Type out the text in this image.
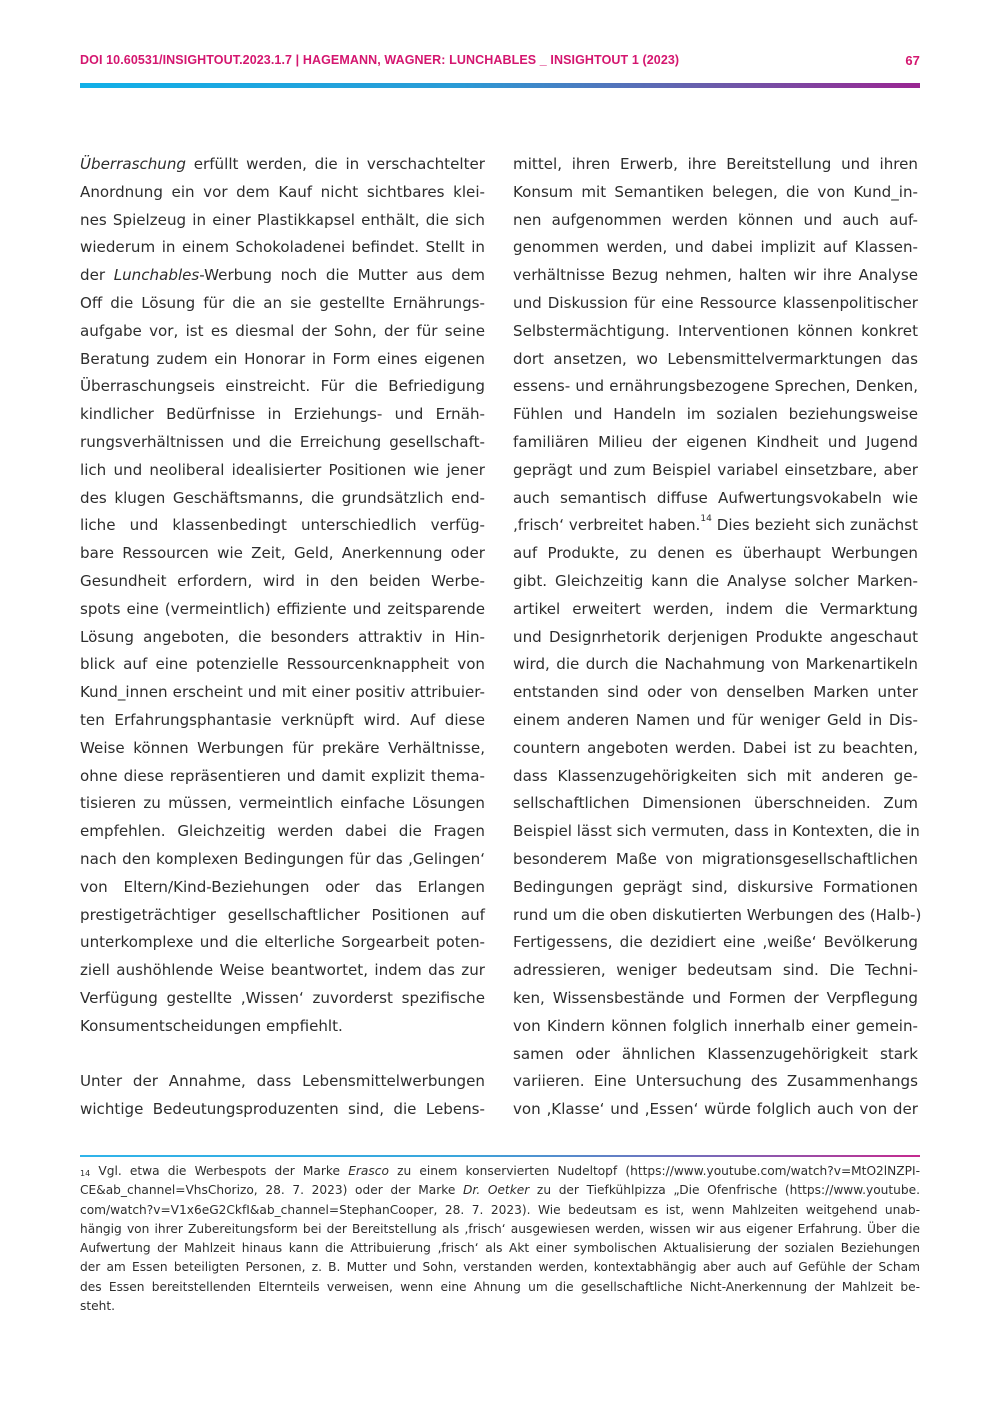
DOI 10.60531/INSIGHTOUT.2023.1.7 | HAGEMANN, WAGNER: LUNCHABLES _ INSIGHTOUT 1 (2023)	67
Überraschung erfüllt werden, die in verschachtelter
Anordnung ein vor dem Kauf nicht sichtbares klei-
nes Spielzeug in einer Plastikkapsel enthält, die sich
wiederum in einem Schokoladenei befindet. Stellt in
der Lunchables-Werbung noch die Mutter aus dem
Off die Lösung für die an sie gestellte Ernährungs-
aufgabe vor, ist es diesmal der Sohn, der für seine
Beratung zudem ein Honorar in Form eines eigenen
Überraschungseis einstreicht. Für die Befriedigung
kindlicher Bedürfnisse in Erziehungs- und Ernäh-
rungsverhältnissen und die Erreichung gesellschaft-
lich und neoliberal idealisierter Positionen wie jener
des klugen Geschäftsmanns, die grundsätzlich end-
liche und klassenbedingt unterschiedlich verfüg-
bare Ressourcen wie Zeit, Geld, Anerkennung oder
Gesundheit erfordern, wird in den beiden Werbe-
spots eine (vermeintlich) effiziente und zeitsparende
Lösung angeboten, die besonders attraktiv in Hin-
blick auf eine potenzielle Ressourcenknappheit von
Kund_innen erscheint und mit einer positiv attribuier-
ten Erfahrungsphantasie verknüpft wird. Auf diese
Weise können Werbungen für prekäre Verhältnisse,
ohne diese repräsentieren und damit explizit thema-
tisieren zu müssen, vermeintlich einfache Lösungen
empfehlen. Gleichzeitig werden dabei die Fragen
nach den komplexen Bedingungen für das ‚Gelingen‘
von Eltern/Kind-Beziehungen oder das Erlangen
prestigeträchtiger gesellschaftlicher Positionen auf
unterkomplexe und die elterliche Sorgearbeit poten-
ziell aushöhlende Weise beantwortet, indem das zur
Verfügung gestellte ‚Wissen‘ zuvorderst spezifische
Konsumentscheidungen empfiehlt.
Unter der Annahme, dass Lebensmittelwerbungen
wichtige Bedeutungsproduzenten sind, die Lebens-
mittel, ihren Erwerb, ihre Bereitstellung und ihren
Konsum mit Semantiken belegen, die von Kund_in-
nen aufgenommen werden können und auch auf-
genommen werden, und dabei implizit auf Klassen-
verhältnisse Bezug nehmen, halten wir ihre Analyse
und Diskussion für eine Ressource klassenpolitischer
Selbstermächtigung. Interventionen können konkret
dort ansetzen, wo Lebensmittelvermarktungen das
essens- und ernährungsbezogene Sprechen, Denken,
Fühlen und Handeln im sozialen beziehungsweise
familiären Milieu der eigenen Kindheit und Jugend
geprägt und zum Beispiel variabel einsetzbare, aber
auch semantisch diffuse Aufwertungsvokabeln wie
‚frisch‘ verbreitet haben.$^{14}$ Dies bezieht sich zunächst
auf Produkte, zu denen es überhaupt Werbungen
gibt. Gleichzeitig kann die Analyse solcher Marken-
artikel erweitert werden, indem die Vermarktung
und Designrhetorik derjenigen Produkte angeschaut
wird, die durch die Nachahmung von Markenartikeln
entstanden sind oder von denselben Marken unter
einem anderen Namen und für weniger Geld in Dis-
countern angeboten werden. Dabei ist zu beachten,
dass Klassenzugehörigkeiten sich mit anderen ge-
sellschaftlichen Dimensionen überschneiden. Zum
Beispiel lässt sich vermuten, dass in Kontexten, die in
besonderem Maße von migrationsgesellschaftlichen
Bedingungen geprägt sind, diskursive Formationen
rund um die oben diskutierten Werbungen des (Halb-)
Fertigessens, die dezidiert eine ‚weiße‘ Bevölkerung
adressieren, weniger bedeutsam sind. Die Techni-
ken, Wissensbestände und Formen der Verpflegung
von Kindern können folglich innerhalb einer gemein-
samen oder ähnlichen Klassenzugehörigkeit stark
variieren. Eine Untersuchung des Zusammenhangs
von ‚Klasse‘ und ‚Essen‘ würde folglich auch von der
$^{14}$ Vgl. etwa die Werbespots der Marke Erasco zu einem konservierten Nudeltopf (https://www.youtube.com/watch?v=MtO2lNZPI-
CE&ab_channel=VhsChorizo, 28. 7. 2023) oder der Marke Dr. Oetker zu der Tiefkühlpizza „Die Ofenfrische (https://www.youtube.
com/watch?v=V1x6eG2CkfI&ab_channel=StephanCooper, 28. 7. 2023). Wie bedeutsam es ist, wenn Mahlzeiten weitgehend unab-
hängig von ihrer Zubereitungsform bei der Bereitstellung als ‚frisch‘ ausgewiesen werden, wissen wir aus eigener Erfahrung. Über die
Aufwertung der Mahlzeit hinaus kann die Attribuierung ‚frisch‘ als Akt einer symbolischen Aktualisierung der sozialen Beziehungen
der am Essen beteiligten Personen, z. B. Mutter und Sohn, verstanden werden, kontextabhängig aber auch auf Gefühle der Scham
des Essen bereitstellenden Elternteils verweisen, wenn eine Ahnung um die gesellschaftliche Nicht-Anerkennung der Mahlzeit be-
steht.
